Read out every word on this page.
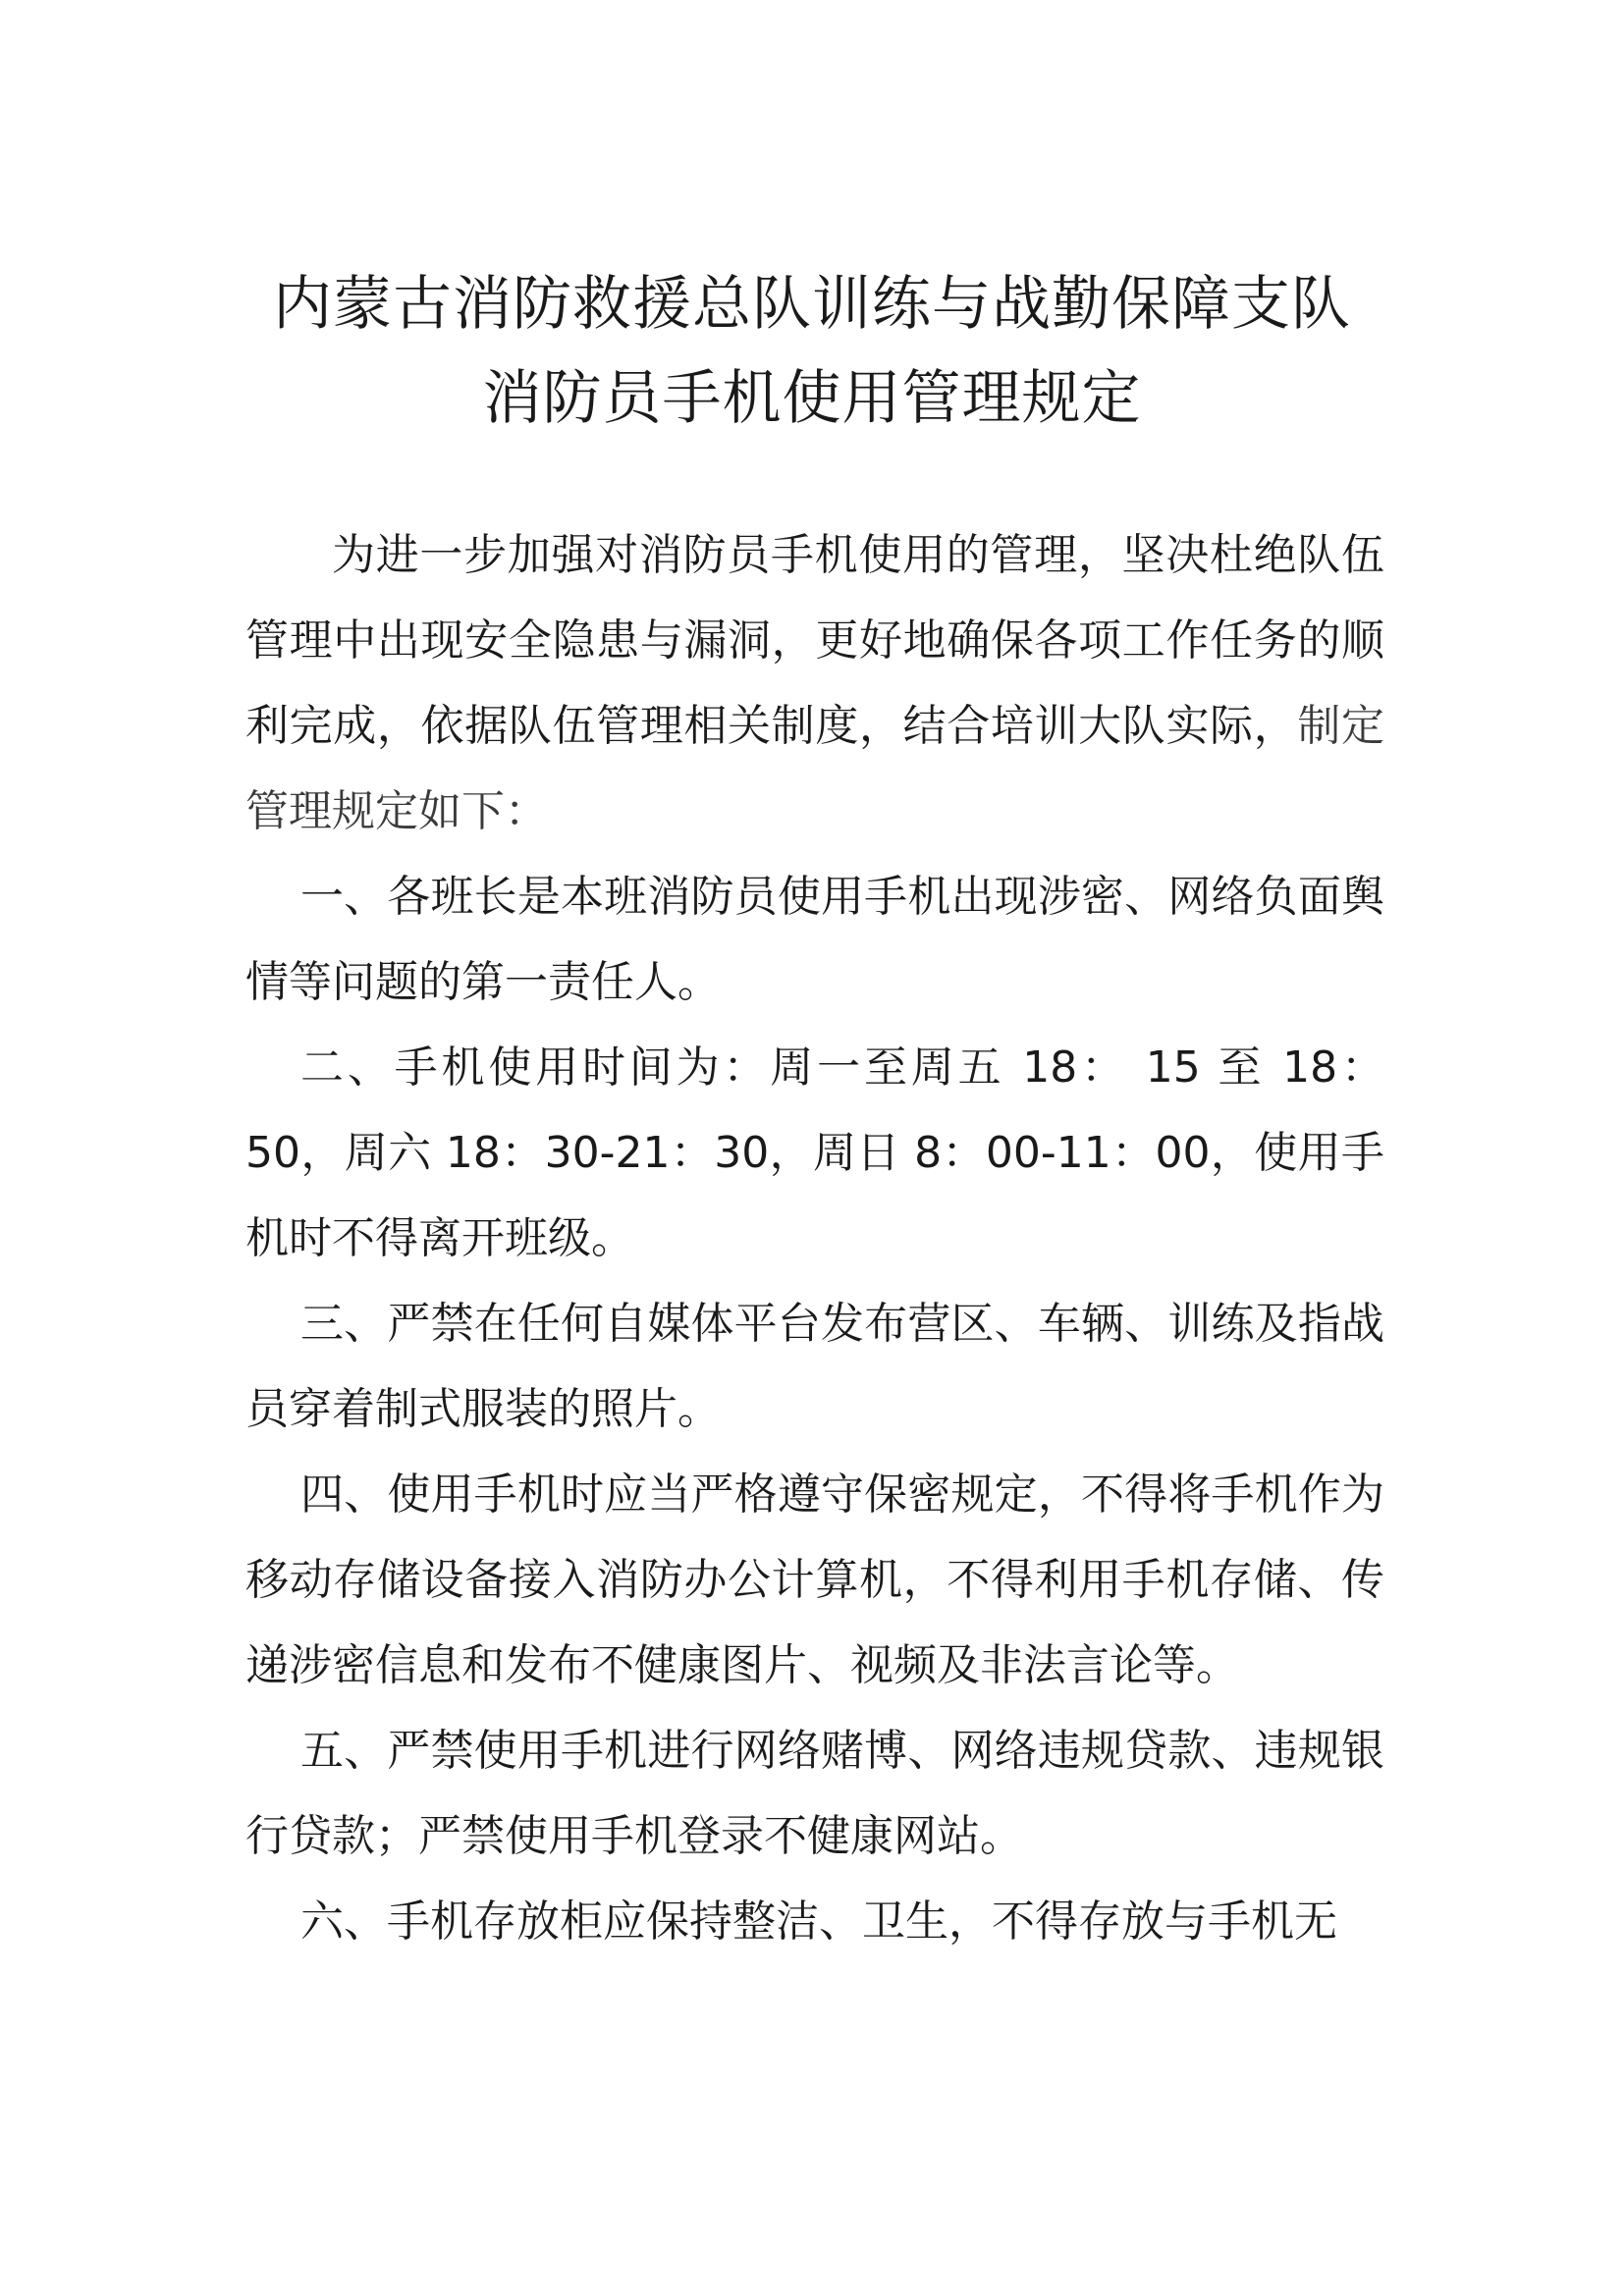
内蒙古消防救援总队训练与战勤保障支队

消防员手机使用管理规定

为进一步加强对消防员手机使用的管理，坚决杜绝队伍管理中出现安全隐患与漏洞，更好地确保各项工作任务的顺利完成，依据队伍管理相关制度，结合培训大队实际，制定管理规定如下：

一、各班长是本班消防员使用手机出现涉密、网络负面舆情等问题的第一责任人。

二、手机使用时间为：周一至周五 18： 15 至 18：50，周六 18：30-21：30，周日 8：00-11：00，使用手机时不得离开班级。

三、严禁在任何自媒体平台发布营区、车辆、训练及指战员穿着制式服装的照片。

四、使用手机时应当严格遵守保密规定，不得将手机作为移动存储设备接入消防办公计算机，不得利用手机存储、传递涉密信息和发布不健康图片、视频及非法言论等。

五、严禁使用手机进行网络赌博、网络违规贷款、违规银行贷款；严禁使用手机登录不健康网站。

六、手机存放柜应保持整洁、卫生，不得存放与手机无
